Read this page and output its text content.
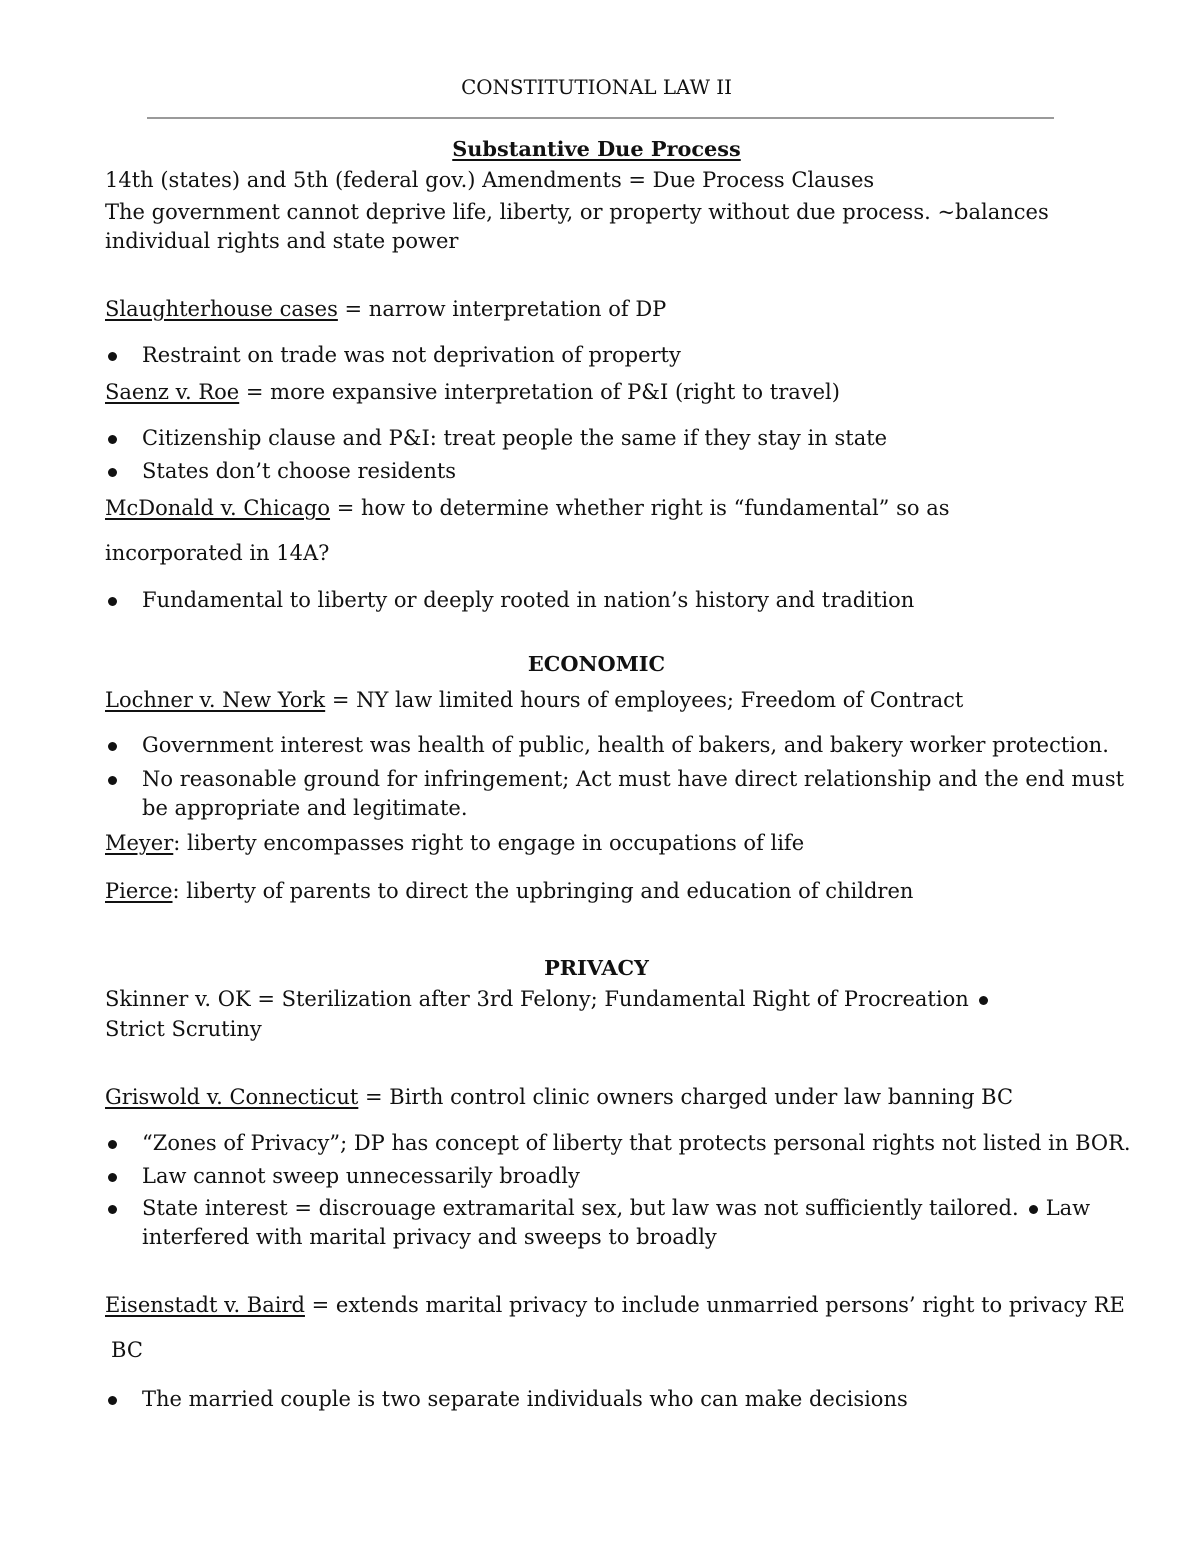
CONSTITUTIONAL LAW II
Substantive Due Process
14th (states) and 5th (federal gov.) Amendments = Due Process Clauses
The government cannot deprive life, liberty, or property without due process. ~balances
individual rights and state power
Slaughterhouse cases = narrow interpretation of DP
Restraint on trade was not deprivation of property
Saenz v. Roe = more expansive interpretation of P&I (right to travel)
Citizenship clause and P&I: treat people the same if they stay in state
States don’t choose residents
McDonald v. Chicago = how to determine whether right is “fundamental” so as
incorporated in 14A?
Fundamental to liberty or deeply rooted in nation’s history and tradition
ECONOMIC
Lochner v. New York = NY law limited hours of employees; Freedom of Contract
Government interest was health of public, health of bakers, and bakery worker protection.
No reasonable ground for infringement; Act must have direct relationship and the end must
be appropriate and legitimate.
Meyer: liberty encompasses right to engage in occupations of life
Pierce: liberty of parents to direct the upbringing and education of children
PRIVACY
Skinner v. OK = Sterilization after 3rd Felony; Fundamental Right of Procreation
Strict Scrutiny
Griswold v. Connecticut = Birth control clinic owners charged under law banning BC
“Zones of Privacy”; DP has concept of liberty that protects personal rights not listed in BOR.
Law cannot sweep unnecessarily broadly
State interest = discrouage extramarital sex, but law was not sufficiently tailored. Law
interfered with marital privacy and sweeps to broadly
Eisenstadt v. Baird = extends marital privacy to include unmarried persons’ right to privacy RE
BC
The married couple is two separate individuals who can make decisions
